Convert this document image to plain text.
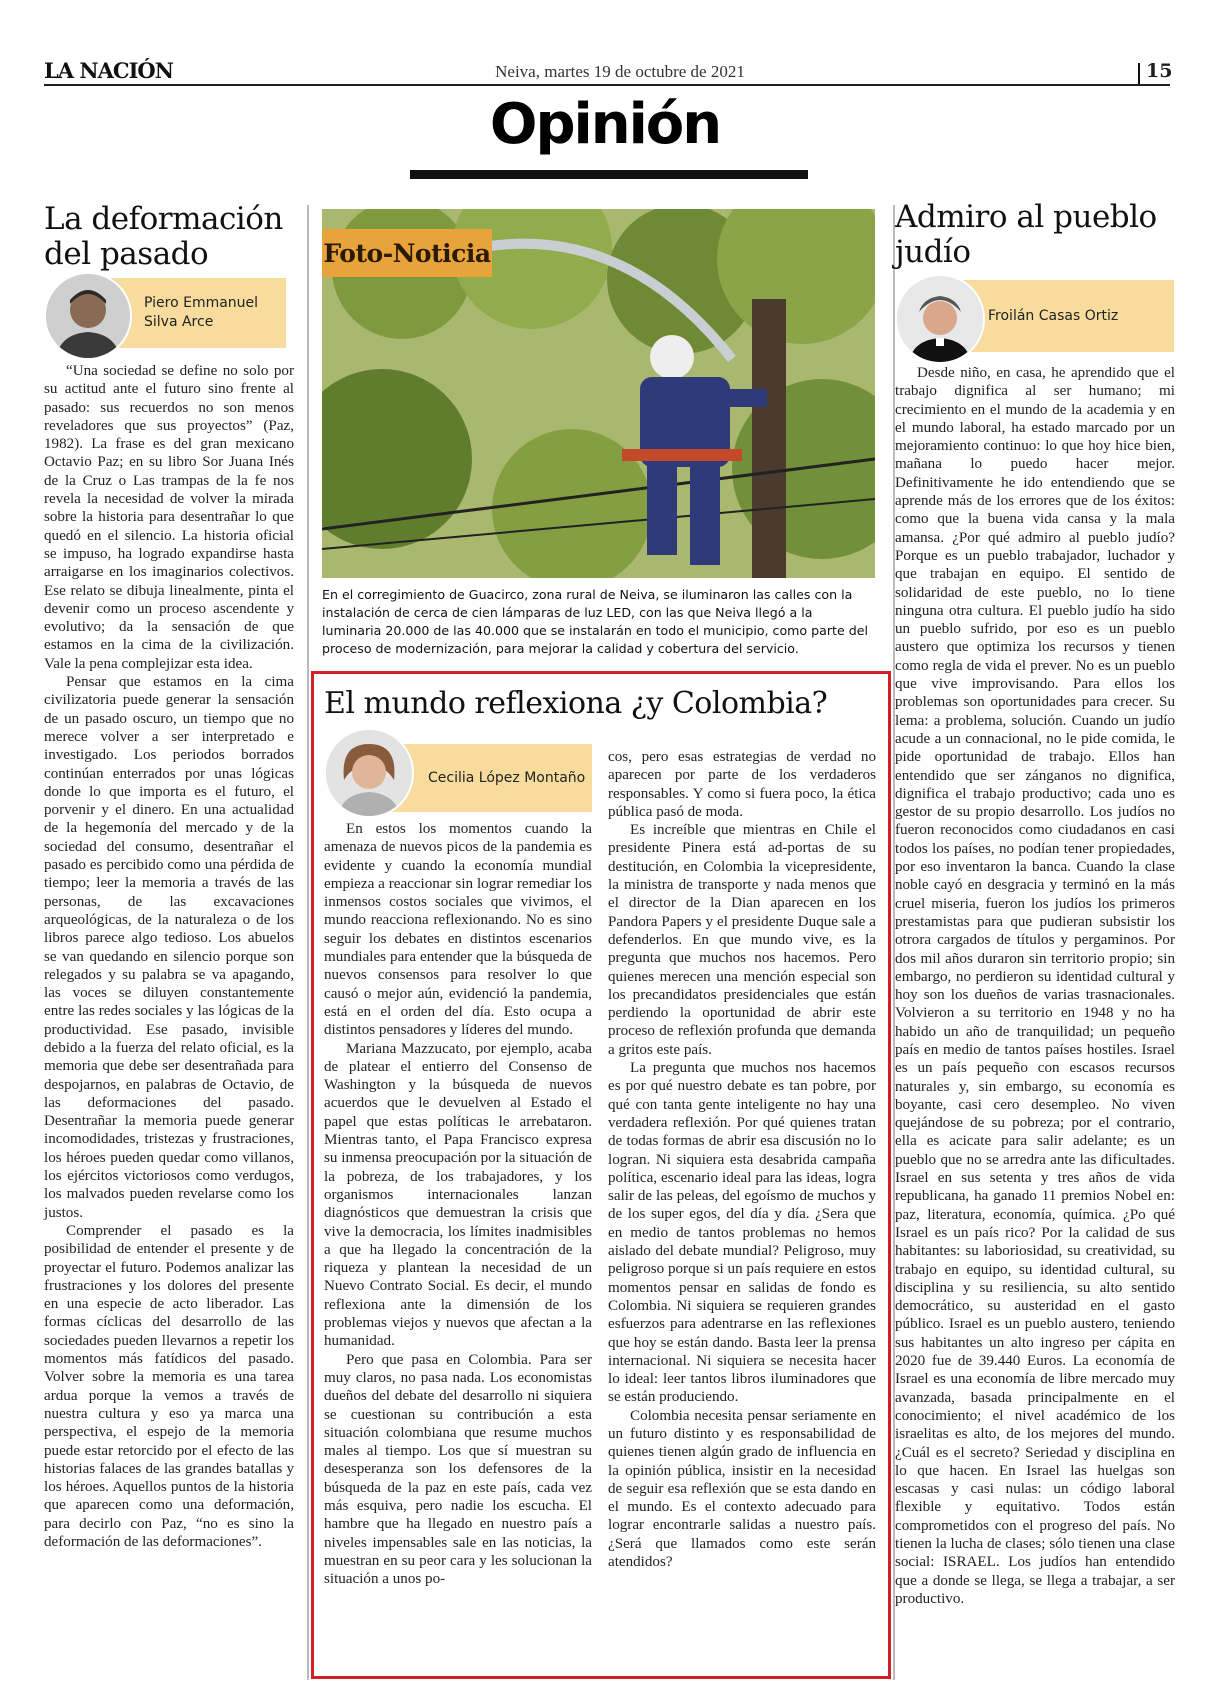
LA NACIÓN	Neiva, martes 19 de octubre de 2021	15
Opinión
La deformación del pasado
Piero Emmanuel Silva Arce

“Una sociedad se define no solo por su actitud ante el futuro sino frente al pasado: sus recuerdos no son menos reveladores que sus proyectos” (Paz, 1982). La frase es del gran mexicano Octavio Paz; en su libro Sor Juana Inés de la Cruz o Las trampas de la fe nos revela la necesidad de volver la mirada sobre la historia para desentrañar lo que quedó en el silencio. La historia oficial se impuso, ha logrado expandirse hasta arraigarse en los imaginarios colectivos. Ese relato se dibuja linealmente, pinta el devenir como un proceso ascendente y evolutivo; da la sensación de que estamos en la cima de la civilización. Vale la pena complejizar esta idea.

Pensar que estamos en la cima civilizatoria puede generar la sensación de un pasado oscuro, un tiempo que no merece volver a ser interpretado e investigado. Los periodos borrados continúan enterrados por unas lógicas donde lo que importa es el futuro, el porvenir y el dinero. En una actualidad de la hegemonía del mercado y de la sociedad del consumo, desentrañar el pasado es percibido como una pérdida de tiempo; leer la memoria a través de las personas, de las excavaciones arqueológicas, de la naturaleza o de los libros parece algo tedioso. Los abuelos se van quedando en silencio porque son relegados y su palabra se va apagando, las voces se diluyen constantemente entre las redes sociales y las lógicas de la productividad. Ese pasado, invisible debido a la fuerza del relato oficial, es la memoria que debe ser desentrañada para despojarnos, en palabras de Octavio, de las deformaciones del pasado. Desentrañar la memoria puede generar incomodidades, tristezas y frustraciones, los héroes pueden quedar como villanos, los ejércitos victoriosos como verdugos, los malvados pueden revelarse como los justos.

Comprender el pasado es la posibilidad de entender el presente y de proyectar el futuro. Podemos analizar las frustraciones y los dolores del presente en una especie de acto liberador. Las formas cíclicas del desarrollo de las sociedades pueden llevarnos a repetir los momentos más fatídicos del pasado. Volver sobre la memoria es una tarea ardua porque la vemos a través de nuestra cultura y eso ya marca una perspectiva, el espejo de la memoria puede estar retorcido por el efecto de las historias falaces de las grandes batallas y los héroes. Aquellos puntos de la historia que aparecen como una deformación, para decirlo con Paz, “no es sino la deformación de las deformaciones”.

Foto-Noticia
En el corregimiento de Guacirco, zona rural de Neiva, se iluminaron las calles con la instalación de cerca de cien lámparas de luz LED, con las que Neiva llegó a la luminaria 20.000 de las 40.000 que se instalarán en todo el municipio, como parte del proceso de modernización, para mejorar la calidad y cobertura del servicio.
El mundo reflexiona ¿y Colombia?
Cecilia López Montaño

En estos los momentos cuando la amenaza de nuevos picos de la pandemia es evidente y cuando la economía mundial empieza a reaccionar sin lograr remediar los inmensos costos sociales que vivimos, el mundo reacciona reflexionando. No es sino seguir los debates en distintos escenarios mundiales para entender que la búsqueda de nuevos consensos para resolver lo que causó o mejor aún, evidenció la pandemia, está en el orden del día. Esto ocupa a distintos pensadores y líderes del mundo.

Mariana Mazzucato, por ejemplo, acaba de platear el entierro del Consenso de Washington y la búsqueda de nuevos acuerdos que le devuelven al Estado el papel que estas políticas le arrebataron. Mientras tanto, el Papa Francisco expresa su inmensa preocupación por la situación de la pobreza, de los trabajadores, y los organismos internacionales lanzan diagnósticos que demuestran la crisis que vive la democracia, los límites inadmisibles a que ha llegado la concentración de la riqueza y plantean la necesidad de un Nuevo Contrato Social. Es decir, el mundo reflexiona ante la dimensión de los problemas viejos y nuevos que afectan a la humanidad.

Pero que pasa en Colombia. Para ser muy claros, no pasa nada. Los economistas dueños del debate del desarrollo ni siquiera se cuestionan su contribución a esta situación colombiana que resume muchos males al tiempo. Los que sí muestran su desesperanza son los defensores de la búsqueda de la paz en este país, cada vez más esquiva, pero nadie los escucha. El hambre que ha llegado en nuestro país a niveles impensables sale en las noticias, la muestran en su peor cara y les solucionan la situación a unos po-

cos, pero esas estrategias de verdad no aparecen por parte de los verdaderos responsables. Y como si fuera poco, la ética pública pasó de moda.

Es increíble que mientras en Chile el presidente Pinera está ad-portas de su destitución, en Colombia la vicepresidente, la ministra de transporte y nada menos que el director de la Dian aparecen en los Pandora Papers y el presidente Duque sale a defenderlos. En que mundo vive, es la pregunta que muchos nos hacemos. Pero quienes merecen una mención especial son los precandidatos presidenciales que están perdiendo la oportunidad de abrir este proceso de reflexión profunda que demanda a gritos este país.

La pregunta que muchos nos hacemos es por qué nuestro debate es tan pobre, por qué con tanta gente inteligente no hay una verdadera reflexión. Por qué quienes tratan de todas formas de abrir esa discusión no lo logran. Ni siquiera esta desabrida campaña política, escenario ideal para las ideas, logra salir de las peleas, del egoísmo de muchos y de los super egos, del día y día. ¿Sera que en medio de tantos problemas no hemos aislado del debate mundial? Peligroso, muy peligroso porque si un país requiere en estos momentos pensar en salidas de fondo es Colombia. Ni siquiera se requieren grandes esfuerzos para adentrarse en las reflexiones que hoy se están dando. Basta leer la prensa internacional. Ni siquiera se necesita hacer lo ideal: leer tantos libros iluminadores que se están produciendo.

Colombia necesita pensar seriamente en un futuro distinto y es responsabilidad de quienes tienen algún grado de influencia en la opinión pública, insistir en la necesidad de seguir esa reflexión que se esta dando en el mundo. Es el contexto adecuado para lograr encontrarle salidas a nuestro país. ¿Será que llamados como este serán atendidos?

Admiro al pueblo judío
Froilán Casas Ortiz

Desde niño, en casa, he aprendido que el trabajo dignifica al ser humano; mi crecimiento en el mundo de la academia y en el mundo laboral, ha estado marcado por un mejoramiento continuo: lo que hoy hice bien, mañana lo puedo hacer mejor. Definitivamente he ido entendiendo que se aprende más de los errores que de los éxitos: como que la buena vida cansa y la mala amansa. ¿Por qué admiro al pueblo judío? Porque es un pueblo trabajador, luchador y que trabajan en equipo. El sentido de solidaridad de este pueblo, no lo tiene ninguna otra cultura. El pueblo judío ha sido un pueblo sufrido, por eso es un pueblo austero que optimiza los recursos y tienen como regla de vida el prever. No es un pueblo que vive improvisando. Para ellos los problemas son oportunidades para crecer. Su lema: a problema, solución. Cuando un judío acude a un connacional, no le pide comida, le pide oportunidad de trabajo. Ellos han entendido que ser zánganos no dignifica, dignifica el trabajo productivo; cada uno es gestor de su propio desarrollo. Los judíos no fueron reconocidos como ciudadanos en casi todos los países, no podían tener propiedades, por eso inventaron la banca. Cuando la clase noble cayó en desgracia y terminó en la más cruel miseria, fueron los judíos los primeros prestamistas para que pudieran subsistir los otrora cargados de títulos y pergaminos. Por dos mil años duraron sin territorio propio; sin embargo, no perdieron su identidad cultural y hoy son los dueños de varias trasnacionales. Volvieron a su territorio en 1948 y no ha habido un año de tranquilidad; un pequeño país en medio de tantos países hostiles. Israel es un país pequeño con escasos recursos naturales y, sin embargo, su economía es boyante, casi cero desempleo. No viven quejándose de su pobreza; por el contrario, ella es acicate para salir adelante; es un pueblo que no se arredra ante las dificultades. Israel en sus setenta y tres años de vida republicana, ha ganado 11 premios Nobel en: paz, literatura, economía, química. ¿Po qué Israel es un país rico? Por la calidad de sus habitantes: su laboriosidad, su creatividad, su trabajo en equipo, su identidad cultural, su disciplina y su resiliencia, su alto sentido democrático, su austeridad en el gasto público. Israel es un pueblo austero, teniendo sus habitantes un alto ingreso per cápita en 2020 fue de 39.440 Euros. La economía de Israel es una economía de libre mercado muy avanzada, basada principalmente en el conocimiento; el nivel académico de los israelitas es alto, de los mejores del mundo. ¿Cuál es el secreto? Seriedad y disciplina en lo que hacen. En Israel las huelgas son escasas y casi nulas: un código laboral flexible y equitativo. Todos están comprometidos con el progreso del país. No tienen la lucha de clases; sólo tienen una clase social: ISRAEL. Los judíos han entendido que a donde se llega, se llega a trabajar, a ser productivo.
